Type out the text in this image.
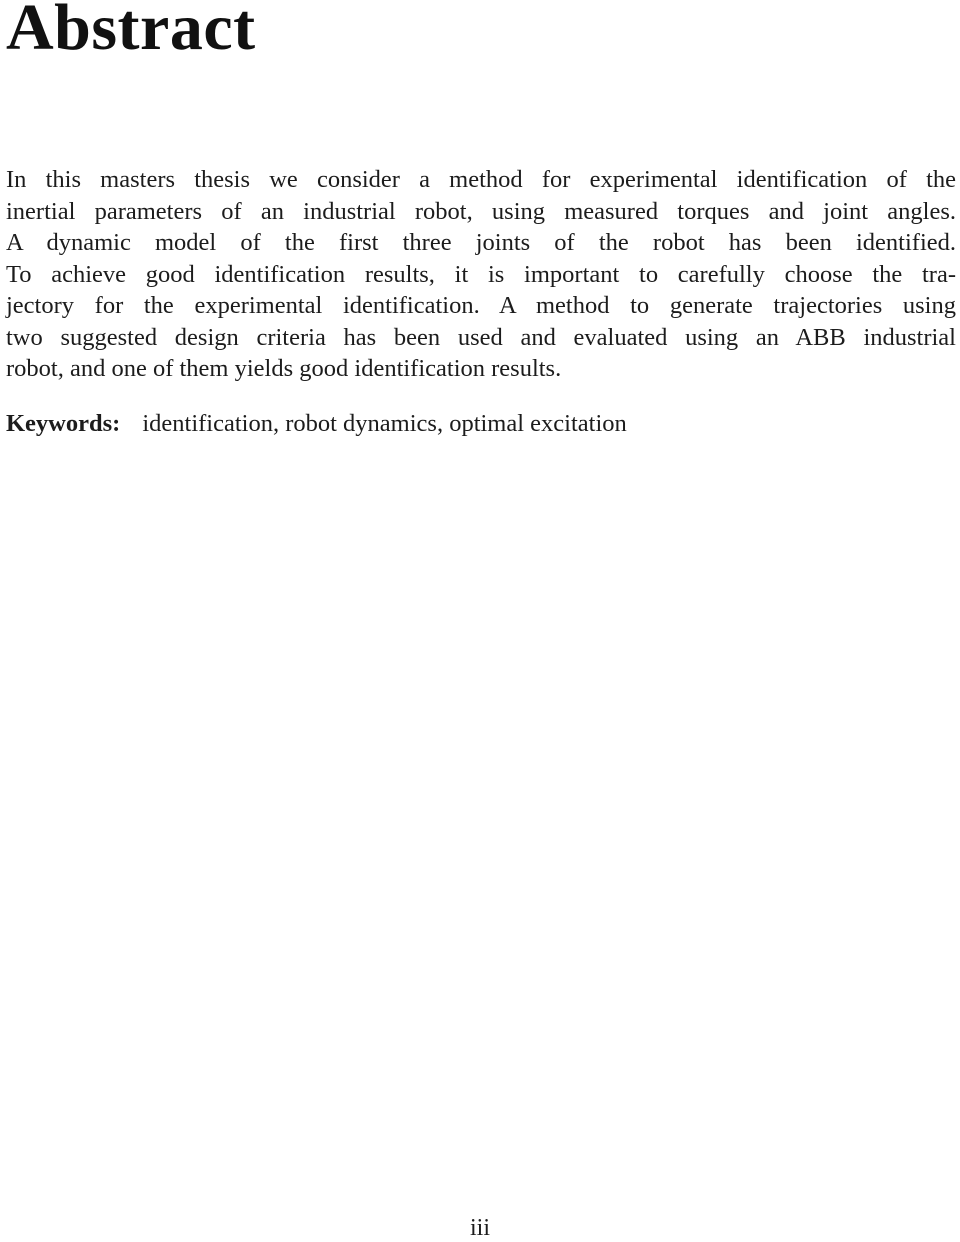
Abstract

In this masters thesis we consider a method for experimental identification of the
inertial parameters of an industrial robot, using measured torques and joint angles.
A dynamic model of the first three joints of the robot has been identified.
To achieve good identification results, it is important to carefully choose the tra-
jectory for the experimental identification. A method to generate trajectories using
two suggested design criteria has been used and evaluated using an ABB industrial
robot, and one of them yields good identification results.

Keywords: identification, robot dynamics, optimal excitation
iii
